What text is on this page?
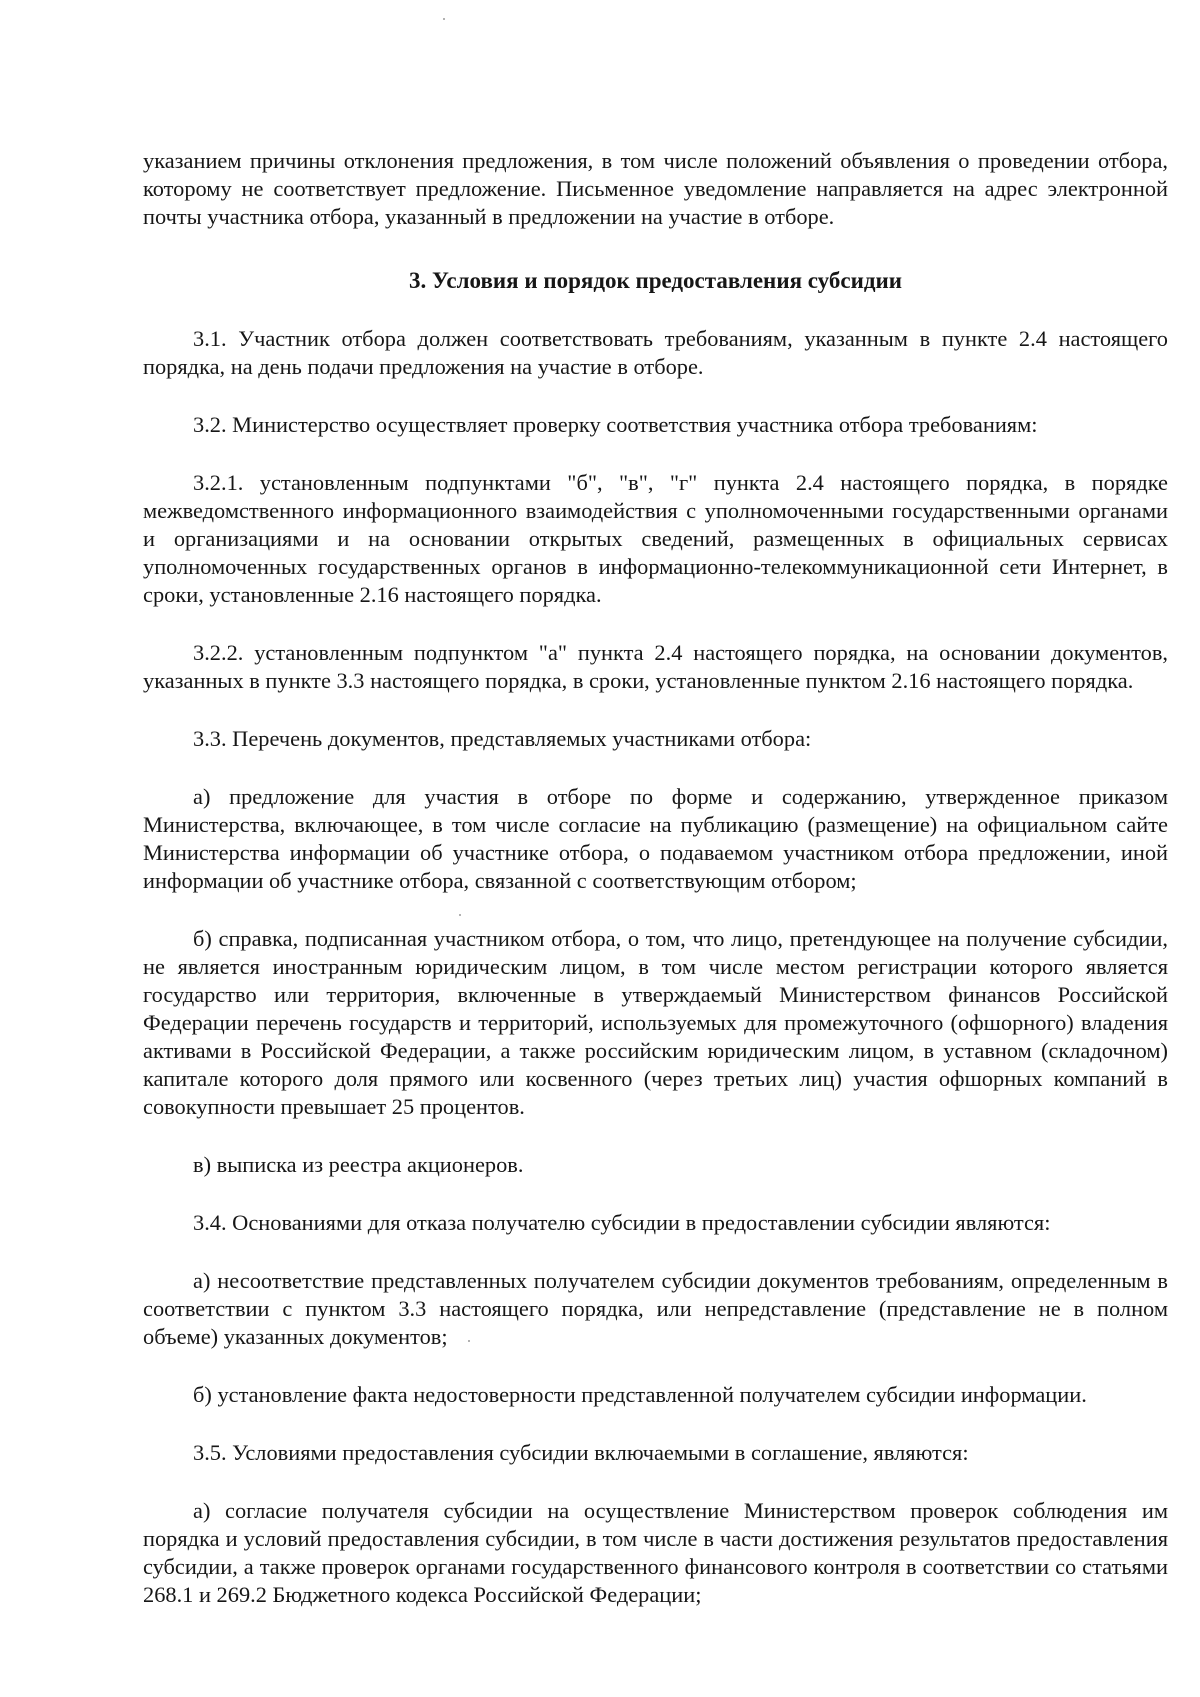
указанием причины отклонения предложения, в том числе положений объявления о проведении отбора, которому не соответствует предложение. Письменное уведомление направляется на адрес электронной почты участника отбора, указанный в предложении на участие в отборе.

3. Условия и порядок предоставления субсидии

3.1. Участник отбора должен соответствовать требованиям, указанным в пункте 2.4 настоящего порядка, на день подачи предложения на участие в отборе.

3.2. Министерство осуществляет проверку соответствия участника отбора требованиям:

3.2.1. установленным подпунктами "б", "в", "г" пункта 2.4 настоящего порядка, в порядке межведомственного информационного взаимодействия с уполномоченными государственными органами и организациями и на основании открытых сведений, размещенных в официальных сервисах уполномоченных государственных органов в информационно-телекоммуникационной сети Интернет, в сроки, установленные 2.16 настоящего порядка.

3.2.2. установленным подпунктом "а" пункта 2.4 настоящего порядка, на основании документов, указанных в пункте 3.3 настоящего порядка, в сроки, установленные пунктом 2.16 настоящего порядка.

3.3. Перечень документов, представляемых участниками отбора:

а) предложение для участия в отборе по форме и содержанию, утвержденное приказом Министерства, включающее, в том числе согласие на публикацию (размещение) на официальном сайте Министерства информации об участнике отбора, о подаваемом участником отбора предложении, иной информации об участнике отбора, связанной с соответствующим отбором;

б) справка, подписанная участником отбора, о том, что лицо, претендующее на получение субсидии, не является иностранным юридическим лицом, в том числе местом регистрации которого является государство или территория, включенные в утверждаемый Министерством финансов Российской Федерации перечень государств и территорий, используемых для промежуточного (офшорного) владения активами в Российской Федерации, а также российским юридическим лицом, в уставном (складочном) капитале которого доля прямого или косвенного (через третьих лиц) участия офшорных компаний в совокупности превышает 25 процентов.

в) выписка из реестра акционеров.

3.4. Основаниями для отказа получателю субсидии в предоставлении субсидии являются:

а) несоответствие представленных получателем субсидии документов требованиям, определенным в соответствии с пунктом 3.3 настоящего порядка, или непредставление (представление не в полном объеме) указанных документов;

б) установление факта недостоверности представленной получателем субсидии информации.

3.5. Условиями предоставления субсидии включаемыми в соглашение, являются:

а) согласие получателя субсидии на осуществление Министерством проверок соблюдения им порядка и условий предоставления субсидии, в том числе в части достижения результатов предоставления субсидии, а также проверок органами государственного финансового контроля в соответствии со статьями 268.1 и 269.2 Бюджетного кодекса Российской Федерации;
